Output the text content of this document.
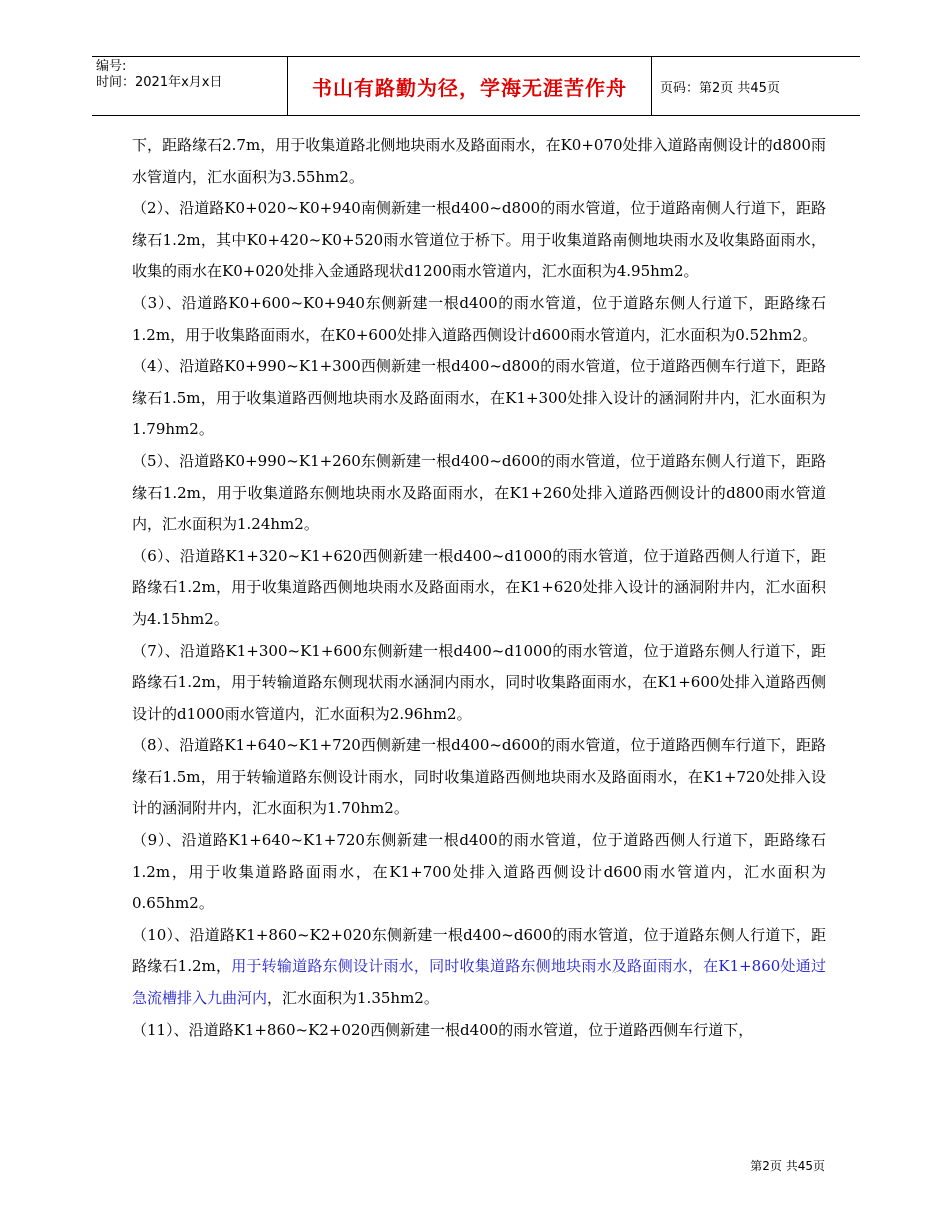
编号:
时间：2021年x月x日	书山有路勤为径，学海无涯苦作舟	页码：第2页 共45页

下，距路缘石2.7m，用于收集道路北侧地块雨水及路面雨水，在K0+070处排入道路南侧设计的d800雨水管道内，汇水面积为3.55hm2。

（2）、沿道路K0+020~K0+940南侧新建一根d400~d800的雨水管道，位于道路南侧人行道下，距路缘石1.2m，其中K0+420~K0+520雨水管道位于桥下。用于收集道路南侧地块雨水及收集路面雨水，收集的雨水在K0+020处排入金通路现状d1200雨水管道内，汇水面积为4.95hm2。

（3）、沿道路K0+600~K0+940东侧新建一根d400的雨水管道，位于道路东侧人行道下，距路缘石1.2m，用于收集路面雨水，在K0+600处排入道路西侧设计d600雨水管道内，汇水面积为0.52hm2。

（4）、沿道路K0+990~K1+300西侧新建一根d400~d800的雨水管道，位于道路西侧车行道下，距路缘石1.5m，用于收集道路西侧地块雨水及路面雨水，在K1+300处排入设计的涵洞附井内，汇水面积为1.79hm2。

（5）、沿道路K0+990~K1+260东侧新建一根d400~d600的雨水管道，位于道路东侧人行道下，距路缘石1.2m，用于收集道路东侧地块雨水及路面雨水，在K1+260处排入道路西侧设计的d800雨水管道内，汇水面积为1.24hm2。

（6）、沿道路K1+320~K1+620西侧新建一根d400~d1000的雨水管道，位于道路西侧人行道下，距路缘石1.2m，用于收集道路西侧地块雨水及路面雨水，在K1+620处排入设计的涵洞附井内，汇水面积为4.15hm2。

（7）、沿道路K1+300~K1+600东侧新建一根d400~d1000的雨水管道，位于道路东侧人行道下，距路缘石1.2m，用于转输道路东侧现状雨水涵洞内雨水，同时收集路面雨水，在K1+600处排入道路西侧设计的d1000雨水管道内，汇水面积为2.96hm2。

（8）、沿道路K1+640~K1+720西侧新建一根d400~d600的雨水管道，位于道路西侧车行道下，距路缘石1.5m，用于转输道路东侧设计雨水，同时收集道路西侧地块雨水及路面雨水，在K1+720处排入设计的涵洞附井内，汇水面积为1.70hm2。

（9）、沿道路K1+640~K1+720东侧新建一根d400的雨水管道，位于道路西侧人行道下，距路缘石1.2m，用于收集道路路面雨水，在K1+700处排入道路西侧设计d600雨水管道内，汇水面积为0.65hm2。

（10）、沿道路K1+860~K2+020东侧新建一根d400~d600的雨水管道，位于道路东侧人行道下，距路缘石1.2m，用于转输道路东侧设计雨水，同时收集道路东侧地块雨水及路面雨水，在K1+860处通过急流槽排入九曲河内，汇水面积为1.35hm2。

（11）、沿道路K1+860~K2+020西侧新建一根d400的雨水管道，位于道路西侧车行道下，

第2页 共45页
